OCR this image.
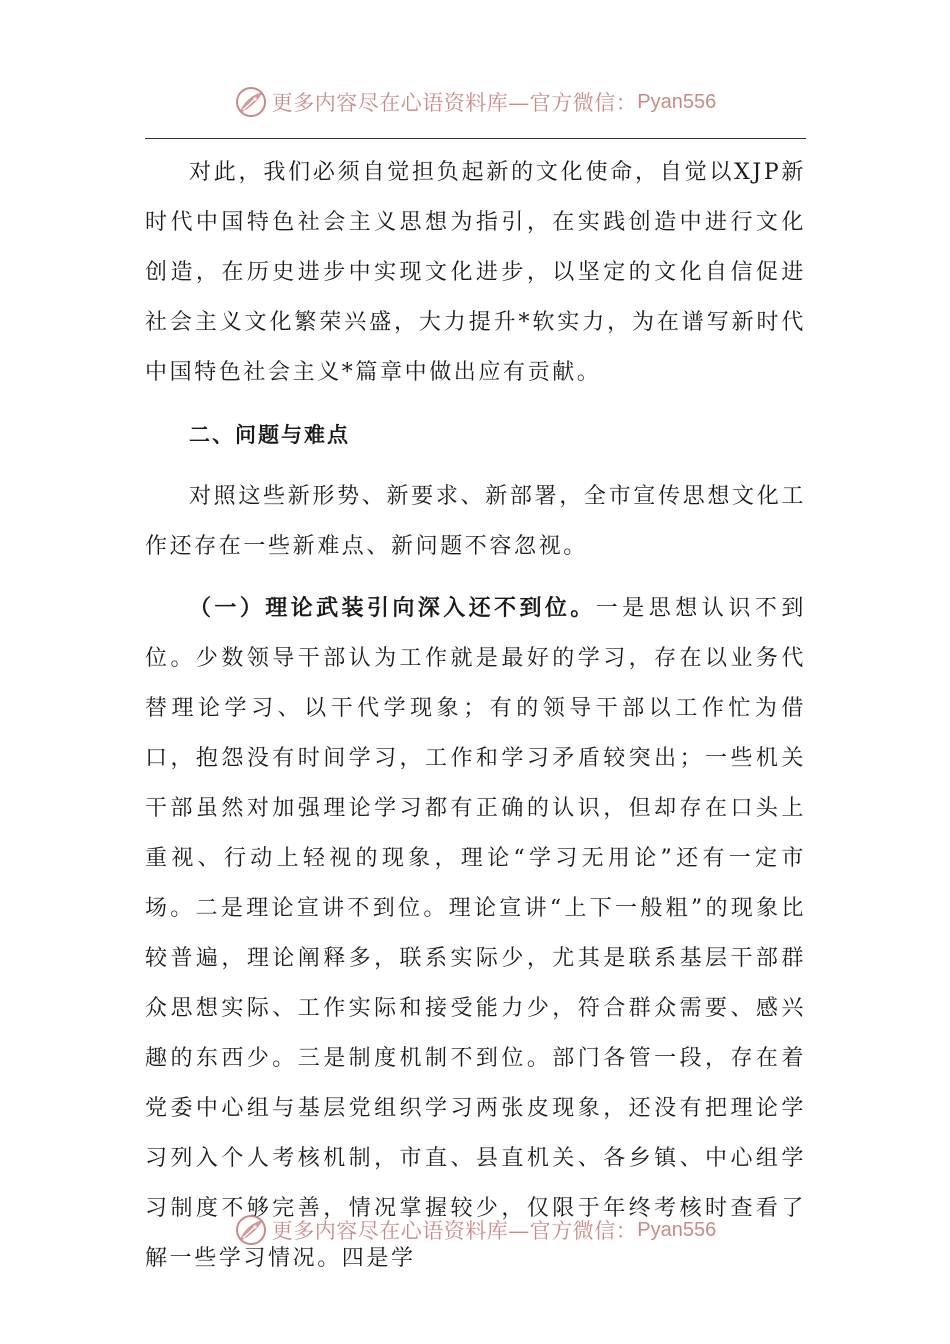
更多内容尽在心语资料库—官方微信： Pyan556

对此，我们必须自觉担负起新的文化使命，自觉以XJP新时代中国特色社会主义思想为指引，在实践创造中进行文化创造，在历史进步中实现文化进步，以坚定的文化自信促进社会主义文化繁荣兴盛，大力提升*软实力，为在谱写新时代中国特色社会主义*篇章中做出应有贡献。

二、问题与难点

对照这些新形势、新要求、新部署，全市宣传思想文化工作还存在一些新难点、新问题不容忽视。

（一）理论武装引向深入还不到位。一是思想认识不到位。少数领导干部认为工作就是最好的学习，存在以业务代替理论学习、以干代学现象；有的领导干部以工作忙为借口，抱怨没有时间学习，工作和学习矛盾较突出；一些机关干部虽然对加强理论学习都有正确的认识，但却存在口头上重视、行动上轻视的现象，理论“学习无用论”还有一定市场。二是理论宣讲不到位。理论宣讲“上下一般粗”的现象比较普遍，理论阐释多，联系实际少，尤其是联系基层干部群众思想实际、工作实际和接受能力少，符合群众需要、感兴趣的东西少。三是制度机制不到位。部门各管一段，存在着党委中心组与基层党组织学习两张皮现象，还没有把理论学习列入个人考核机制，市直、县直机关、各乡镇、中心组学习制度不够完善，情况掌握较少，仅限于年终考核时查看了解一些学习情况。四是学

更多内容尽在心语资料库—官方微信： Pyan556
